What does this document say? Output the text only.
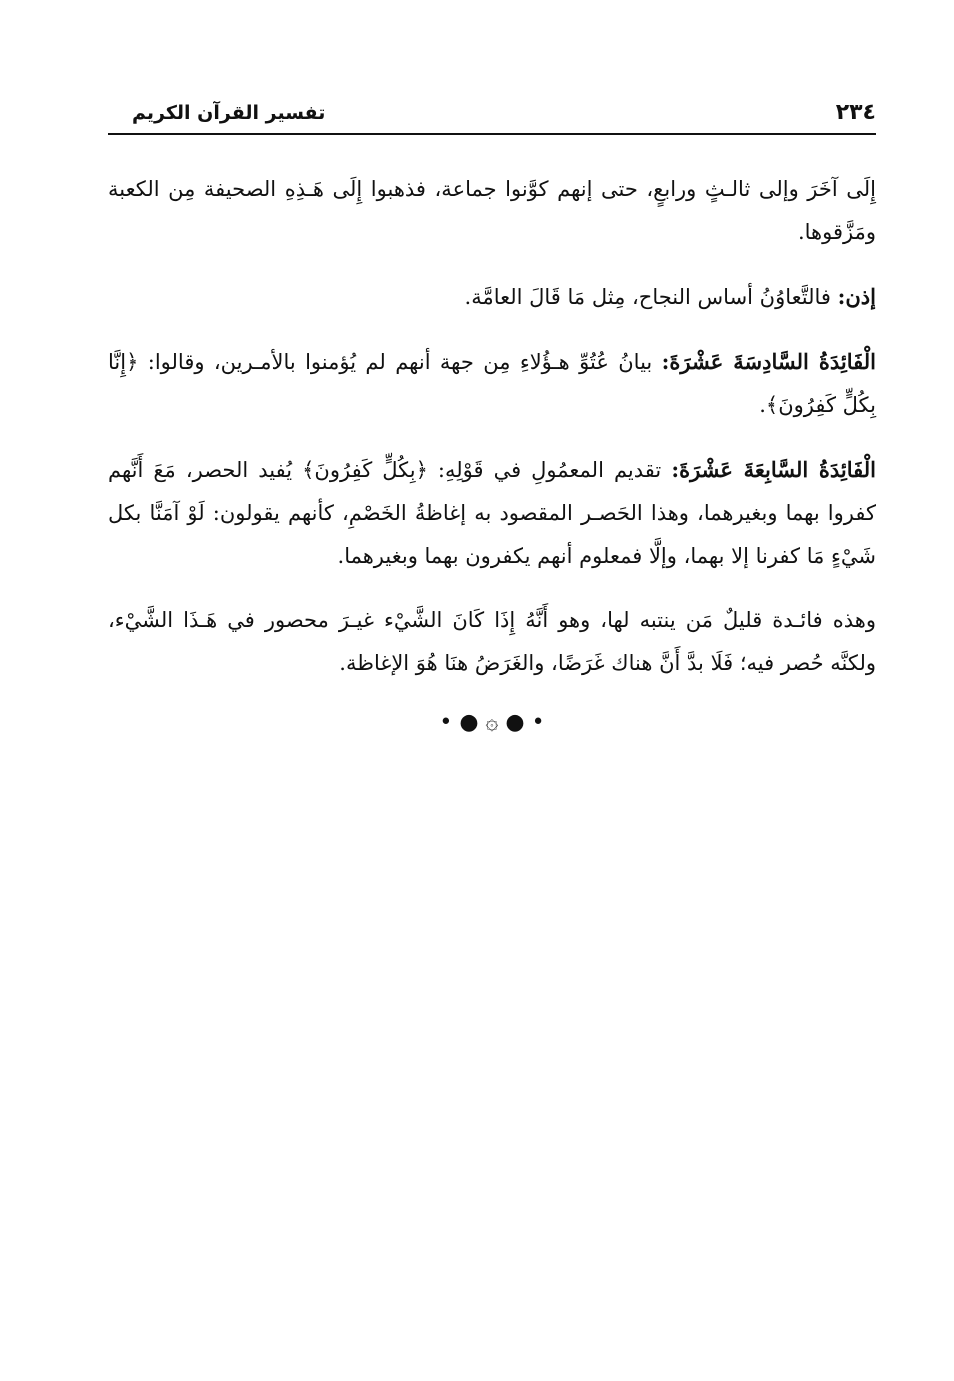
٢٣٤
تفسير القرآن الكريم

إِلَى آخَرَ وإلى ثالـثٍ ورابعٍ، حتى إنهم كوَّنوا جماعة، فذهبوا إِلَى هَـذِهِ الصحيفة مِن الكعبة ومَزَّقوها.

إذن: فالتَّعاوُنُ أساس النجاح، مِثل مَا قَالَ العامَّة.

الْفَائِدَةُ السَّادِسَةَ عَشْرَةَ: بيانُ عُتُوِّ هـؤُلاءِ مِن جهة أنهم لم يُؤمنوا بالأمـرين، وقالوا: ﴿إِنَّا بِكُلٍّ كَفِرُونَ﴾.

الْفَائِدَةُ السَّابِعَةَ عَشْرَةَ: تقديم المعمُولِ في قَوْلِهِ: ﴿بِكُلٍّ كَفِرُونَ﴾ يُفيد الحصر، مَعَ أَنَّهم كفروا بهما وبغيرهما، وهذا الحَصـر المقصود به إغاظةُ الخَصْمِ، كأنهم يقولون: لَوْ آمَنَّا بكل شَيْءٍ مَا كفرنا إلا بهما، وإلَّا فمعلوم أنهم يكفرون بهما وبغيرهما.

وهذه فائـدة قليلٌ مَن ينتبه لها، وهو أَنَّهُ إِذَا كَانَ الشَّيْء غيـرَ محصور في هَـذَا الشَّيْء، ولكنَّه حُصر فيه؛ فَلَا بدَّ أَنَّ هناك غَرَضًا، والغَرَضُ هنَا هُوَ الإغاظة.

• ● ۞ ● •
